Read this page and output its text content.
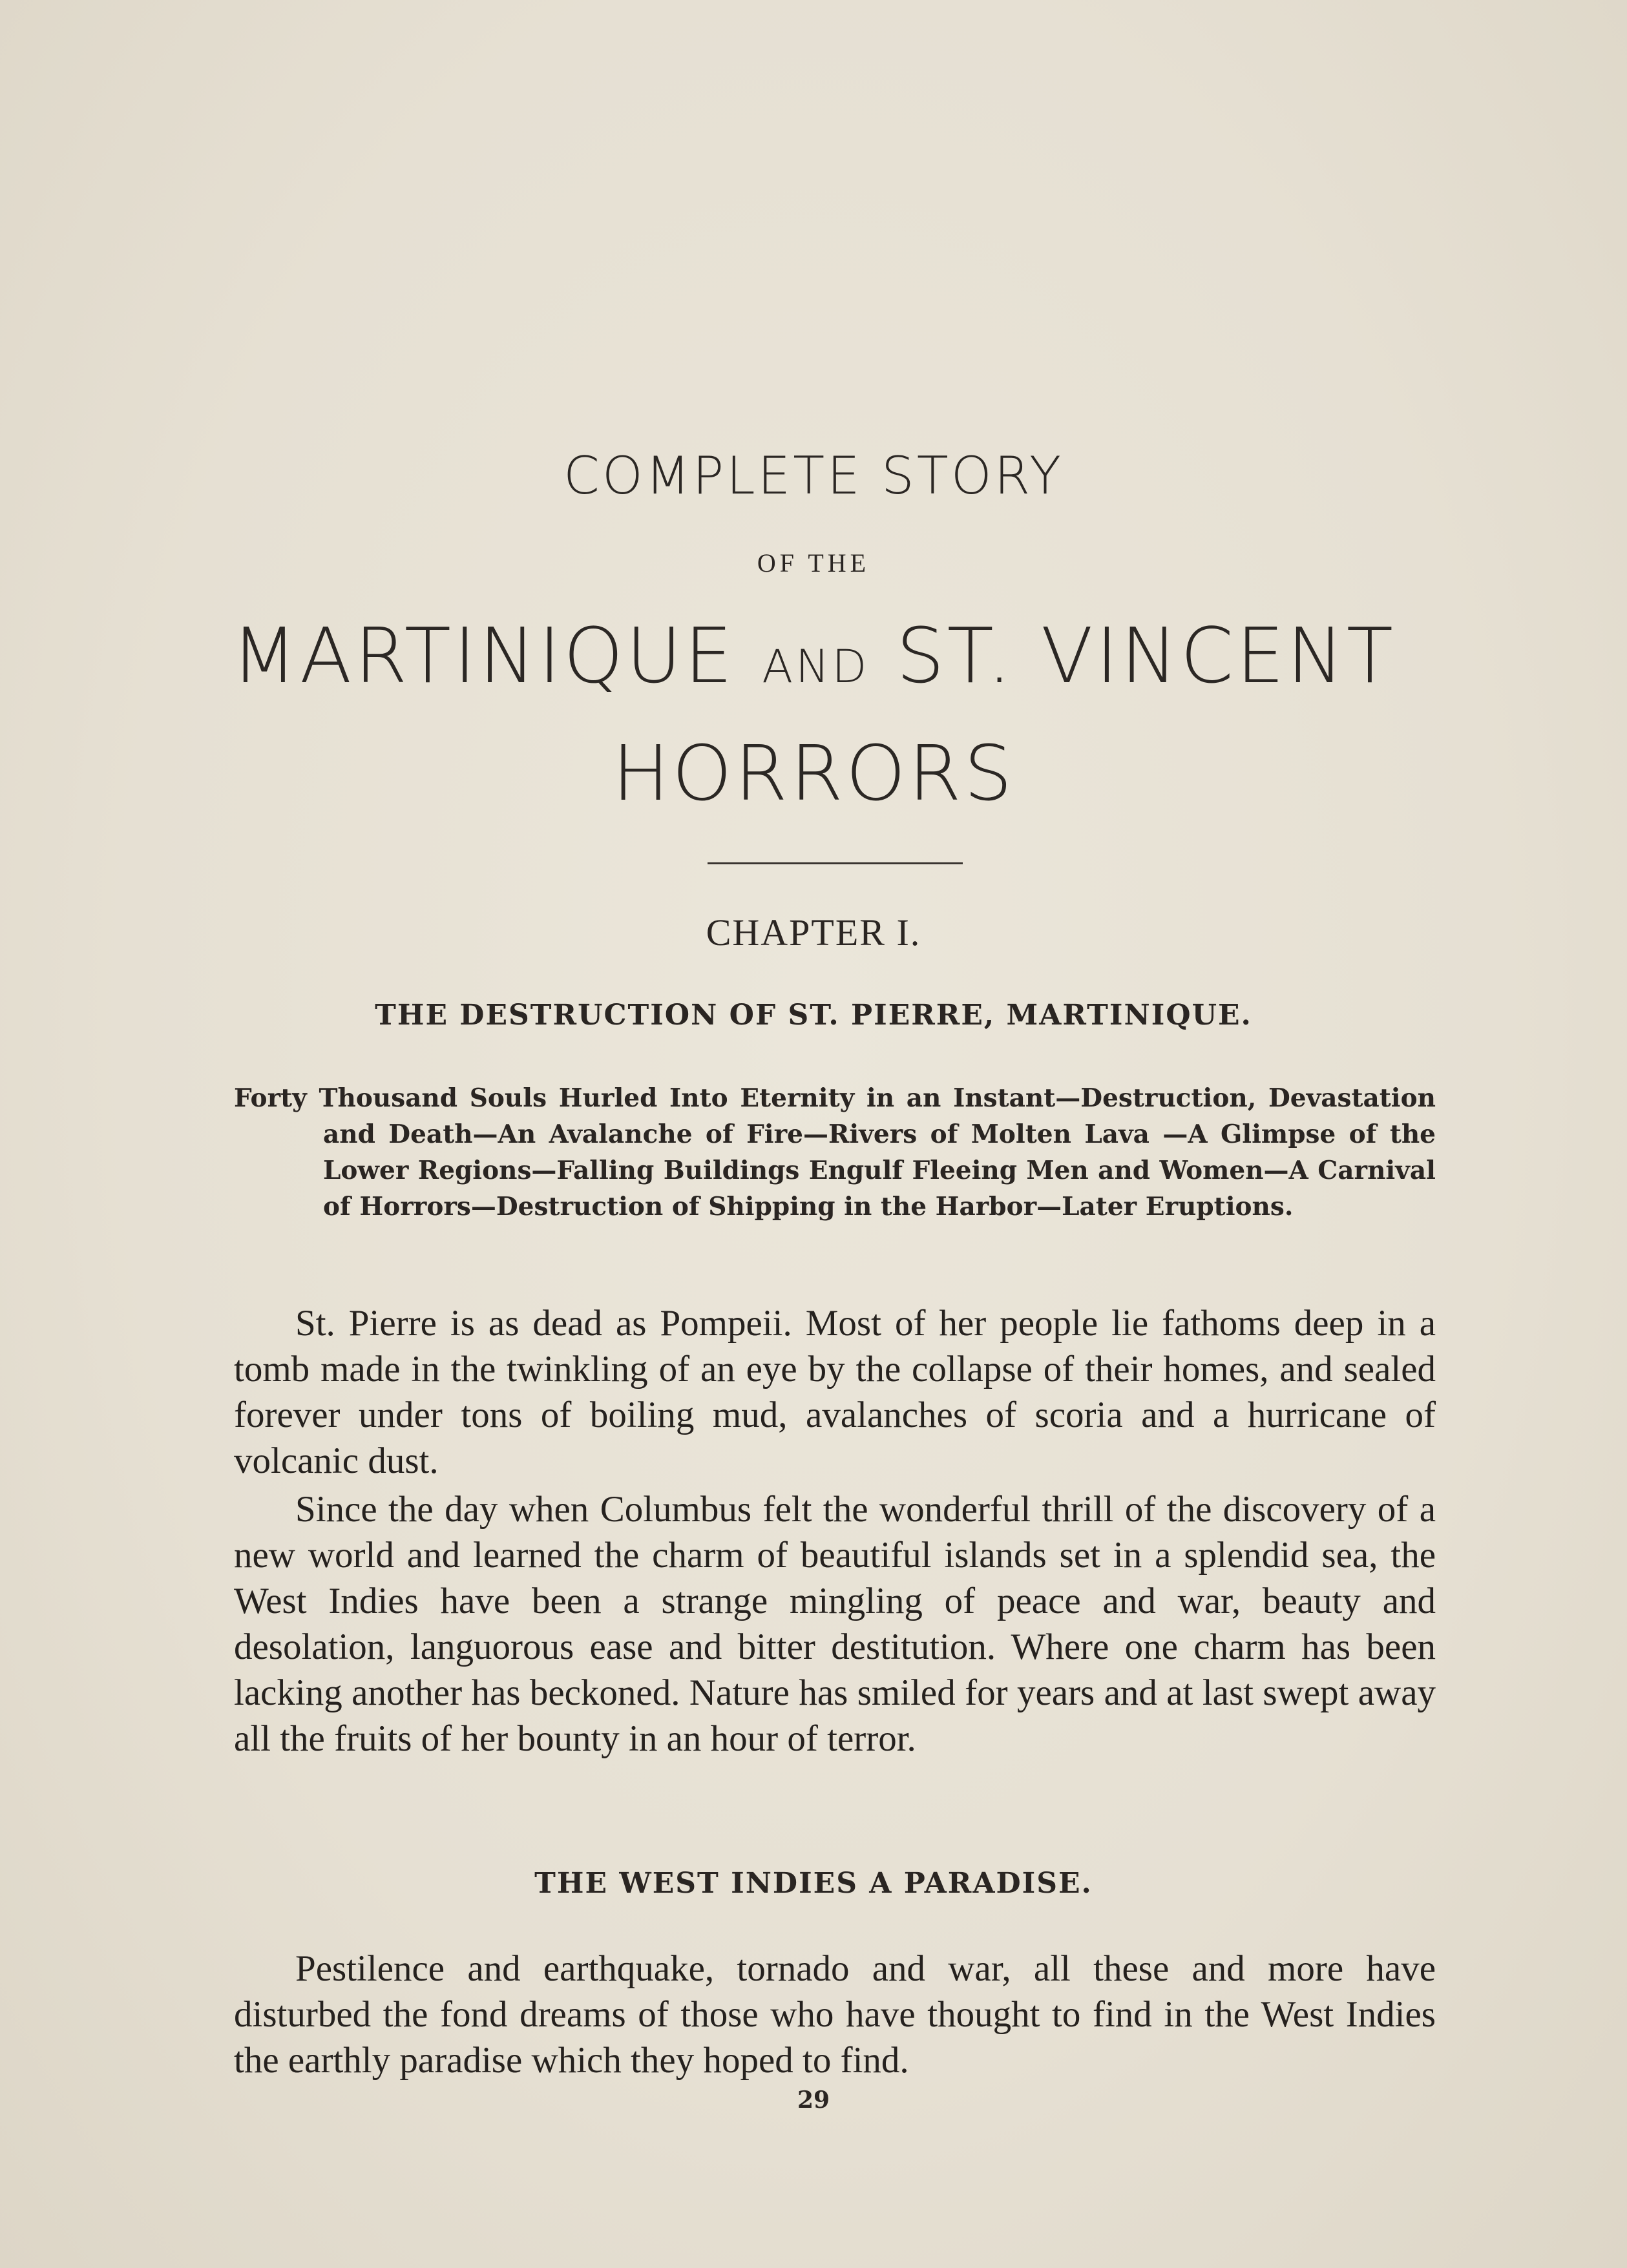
COMPLETE STORY
OF THE
MARTINIQUE AND ST. VINCENT
HORRORS
CHAPTER I.
THE DESTRUCTION OF ST. PIERRE, MARTINIQUE.
Forty Thousand Souls Hurled Into Eternity in an Instant—Destruction, Devastation and Death—An Avalanche of Fire—Rivers of Molten Lava —A Glimpse of the Lower Regions—Falling Buildings Engulf Fleeing Men and Women—A Carnival of Horrors—Destruction of Shipping in the Harbor—Later Eruptions.

St. Pierre is as dead as Pompeii. Most of her people lie fathoms deep in a tomb made in the twinkling of an eye by the collapse of their homes, and sealed forever under tons of boiling mud, avalanches of scoria and a hurricane of volcanic dust.

Since the day when Columbus felt the wonderful thrill of the discovery of a new world and learned the charm of beautiful islands set in a splendid sea, the West Indies have been a strange mingling of peace and war, beauty and desolation, languorous ease and bitter destitution. Where one charm has been lacking another has beckoned. Nature has smiled for years and at last swept away all the fruits of her bounty in an hour of terror.

THE WEST INDIES A PARADISE.

Pestilence and earthquake, tornado and war, all these and more have disturbed the fond dreams of those who have thought to find in the West Indies the earthly paradise which they hoped to find.

29
